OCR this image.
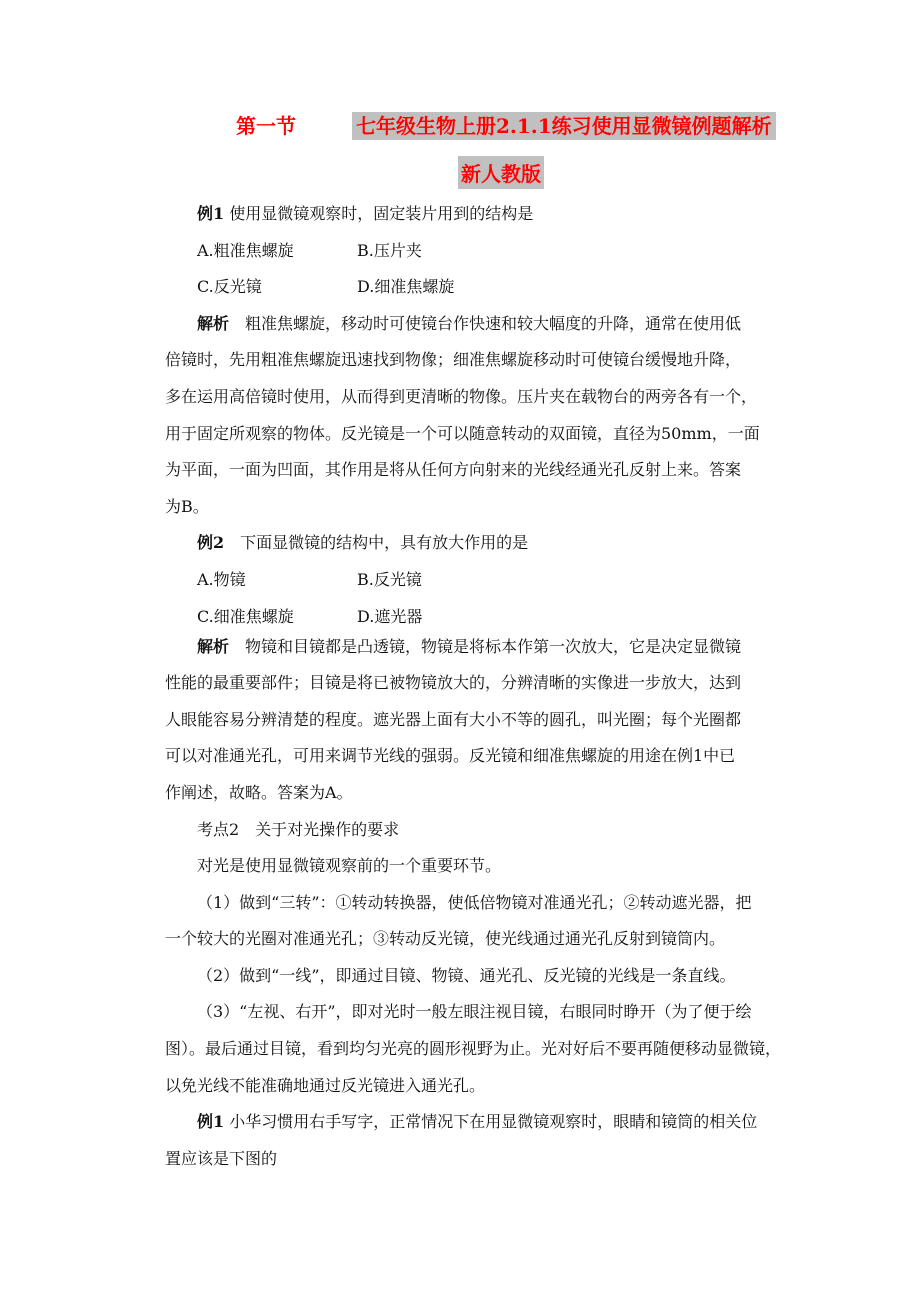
第一节	七年级生物上册2.1.1练习使用显微镜例题解析
新人教版
例1 使用显微镜观察时，固定装片用到的结构是
A.粗准焦螺旋	B.压片夹
C.反光镜	D.细准焦螺旋
解析　 粗准焦螺旋，移动时可使镜台作快速和较大幅度的升降，通常在使用低
倍镜时，先用粗准焦螺旋迅速找到物像；细准焦螺旋移动时可使镜台缓慢地升降，
多在运用高倍镜时使用，从而得到更清晰的物像。压片夹在载物台的两旁各有一个，
用于固定所观察的物体。反光镜是一个可以随意转动的双面镜，直径为50mm，一面
为平面，一面为凹面，其作用是将从任何方向射来的光线经通光孔反射上来。答案
为B。
例2　 下面显微镜的结构中，具有放大作用的是
A.物镜	B.反光镜
C.细准焦螺旋	D.遮光器
解析　 物镜和目镜都是凸透镜，物镜是将标本作第一次放大，它是决定显微镜
性能的最重要部件；目镜是将已被物镜放大的，分辨清晰的实像进一步放大，达到
人眼能容易分辨清楚的程度。遮光器上面有大小不等的圆孔，叫光圈；每个光圈都
可以对准通光孔，可用来调节光线的强弱。反光镜和细准焦螺旋的用途在例1中已
作阐述，故略。答案为A。
考点2　关于对光操作的要求
对光是使用显微镜观察前的一个重要环节。
（1）做到“三转”：①转动转换器，使低倍物镜对准通光孔；②转动遮光器，把
一个较大的光圈对准通光孔；③转动反光镜，使光线通过通光孔反射到镜筒内。
（2）做到“一线”，即通过目镜、物镜、通光孔、反光镜的光线是一条直线。
（3）“左视、右开”，即对光时一般左眼注视目镜，右眼同时睁开（为了便于绘
图）。最后通过目镜，看到均匀光亮的圆形视野为止。光对好后不要再随便移动显微镜，
以免光线不能准确地通过反光镜进入通光孔。
例1 小华习惯用右手写字，正常情况下在用显微镜观察时，眼睛和镜筒的相关位
置应该是下图的
